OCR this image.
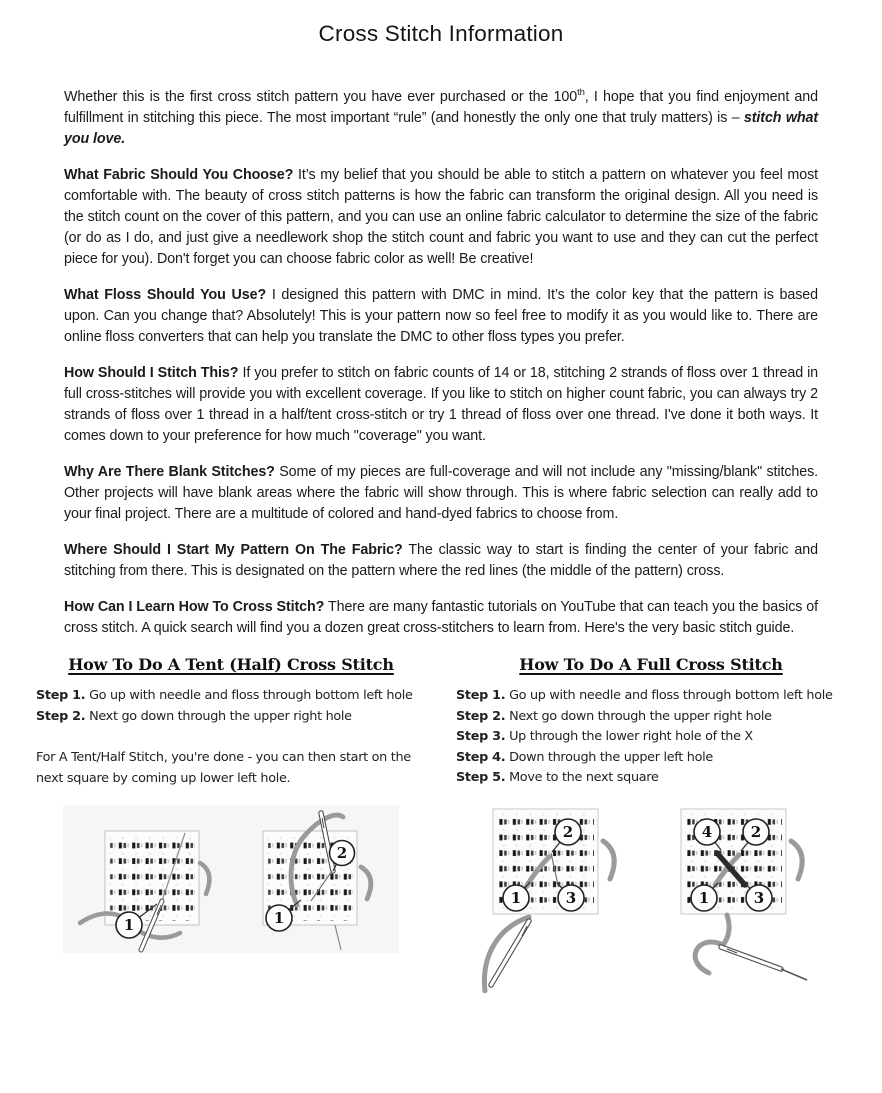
Cross Stitch Information

Whether this is the first cross stitch pattern you have ever purchased or the 100th, I hope that you find enjoyment and fulfillment in stitching this piece. The most important “rule” (and honestly the only one that truly matters) is – stitch what you love.

What Fabric Should You Choose? It’s my belief that you should be able to stitch a pattern on whatever you feel most comfortable with. The beauty of cross stitch patterns is how the fabric can transform the original design. All you need is the stitch count on the cover of this pattern, and you can use an online fabric calculator to determine the size of the fabric (or do as I do, and just give a needlework shop the stitch count and fabric you want to use and they can cut the perfect piece for you). Don't forget you can choose fabric color as well! Be creative!

What Floss Should You Use? I designed this pattern with DMC in mind. It’s the color key that the pattern is based upon. Can you change that? Absolutely! This is your pattern now so feel free to modify it as you would like to. There are online floss converters that can help you translate the DMC to other floss types you prefer.

How Should I Stitch This? If you prefer to stitch on fabric counts of 14 or 18, stitching 2 strands of floss over 1 thread in full cross-stitches will provide you with excellent coverage. If you like to stitch on higher count fabric, you can always try 2 strands of floss over 1 thread in a half/tent cross-stitch or try 1 thread of floss over one thread. I've done it both ways. It comes down to your preference for how much "coverage" you want.

Why Are There Blank Stitches? Some of my pieces are full-coverage and will not include any "missing/blank" stitches. Other projects will have blank areas where the fabric will show through. This is where fabric selection can really add to your final project. There are a multitude of colored and hand-dyed fabrics to choose from.

Where Should I Start My Pattern On The Fabric? The classic way to start is finding the center of your fabric and stitching from there. This is designated on the pattern where the red lines (the middle of the pattern) cross.

How Can I Learn How To Cross Stitch? There are many fantastic tutorials on YouTube that can teach you the basics of cross stitch. A quick search will find you a dozen great cross-stitchers to learn from. Here's the very basic stitch guide.

How To Do A Tent (Half) Cross Stitch
Step 1. Go up with needle and floss through bottom left hole
Step 2. Next go down through the upper right hole
For A Tent/Half Stitch, you're done - you can then start on the next square by coming up lower left hole.
1
2
1
How To Do A Full Cross Stitch
Step 1. Go up with needle and floss through bottom left hole
Step 2. Next go down through the upper right hole
Step 3. Up through the lower right hole of the X
Step 4. Down through the upper left hole
Step 5. Move to the next square
2
1	3
4	2
1	3
